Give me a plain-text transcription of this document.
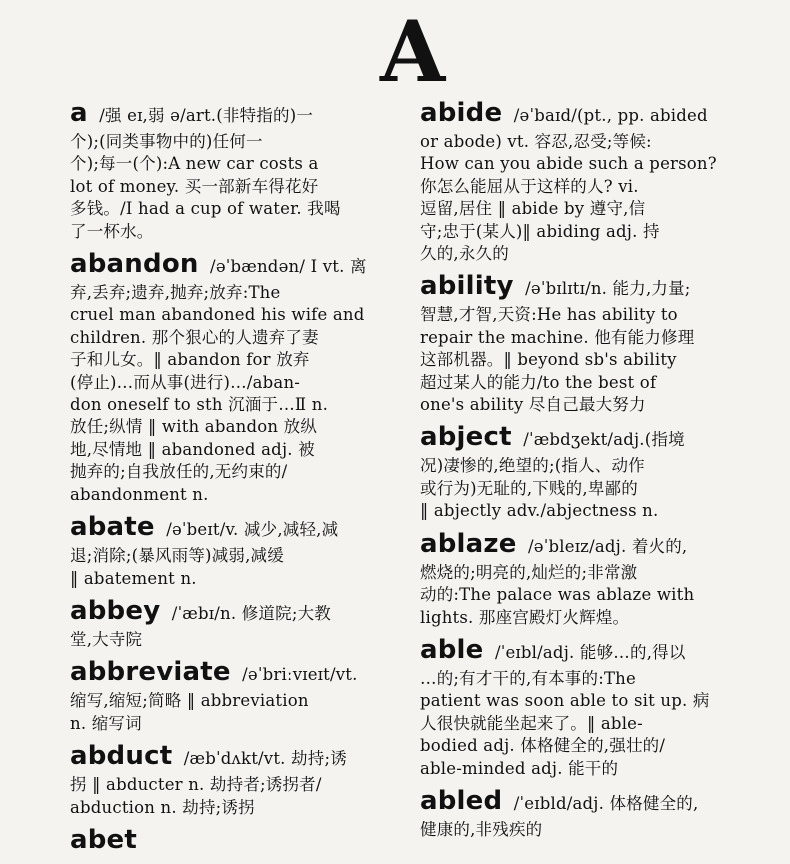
A
a /强 eɪ,弱 ə/art.(非特指的)一
个);(同类事物中的)任何一
个);每一(个):A new car costs a
lot of money. 买一部新车得花好
多钱。/I had a cup of water. 我喝
了一杯水。
abandon /əˈbændən/ Ⅰ vt. 离
弃,丢弃;遗弃,抛弃;放弃:The
cruel man abandoned his wife and
children. 那个狠心的人遗弃了妻
子和儿女。‖ abandon for 放弃
(停止)…而从事(进行)…/aban-
don oneself to sth 沉湎于…Ⅱ n.
放任;纵情 ‖ with abandon 放纵
地,尽情地 ‖ abandoned adj. 被
抛弃的;自我放任的,无约束的/
abandonment n.
abate /əˈbeɪt/v. 减少,减轻,减
退;消除;(暴风雨等)减弱,减缓
‖ abatement n.
abbey /ˈæbɪ/n. 修道院;大教
堂,大寺院
abbreviate /əˈbriːvɪeɪt/vt.
缩写,缩短;简略 ‖ abbreviation
n. 缩写词
abduct /æbˈdʌkt/vt. 劫持;诱
拐 ‖ abducter n. 劫持者;诱拐者/
abduction n. 劫持;诱拐
abet
abide /əˈbaɪd/(pt., pp. abided
or abode) vt. 容忍,忍受;等候:
How can you abide such a person?
你怎么能屈从于这样的人? vi.
逗留,居住 ‖ abide by 遵守,信
守;忠于(某人)‖ abiding adj. 持
久的,永久的
ability /əˈbɪlɪtɪ/n. 能力,力量;
智慧,才智,天资:He has ability to
repair the machine. 他有能力修理
这部机器。‖ beyond sb's ability
超过某人的能力/to the best of
one's ability 尽自己最大努力
abject /ˈæbdʒekt/adj.(指境
况)凄惨的,绝望的;(指人、动作
或行为)无耻的,下贱的,卑鄙的
‖ abjectly adv./abjectness n.
ablaze /əˈbleɪz/adj. 着火的,
燃烧的;明亮的,灿烂的;非常激
动的:The palace was ablaze with
lights. 那座宫殿灯火辉煌。
able /ˈeɪbl/adj. 能够…的,得以
…的;有才干的,有本事的:The
patient was soon able to sit up. 病
人很快就能坐起来了。‖ able-
bodied adj. 体格健全的,强壮的/
able-minded adj. 能干的
abled /ˈeɪbld/adj. 体格健全的,
健康的,非残疾的
